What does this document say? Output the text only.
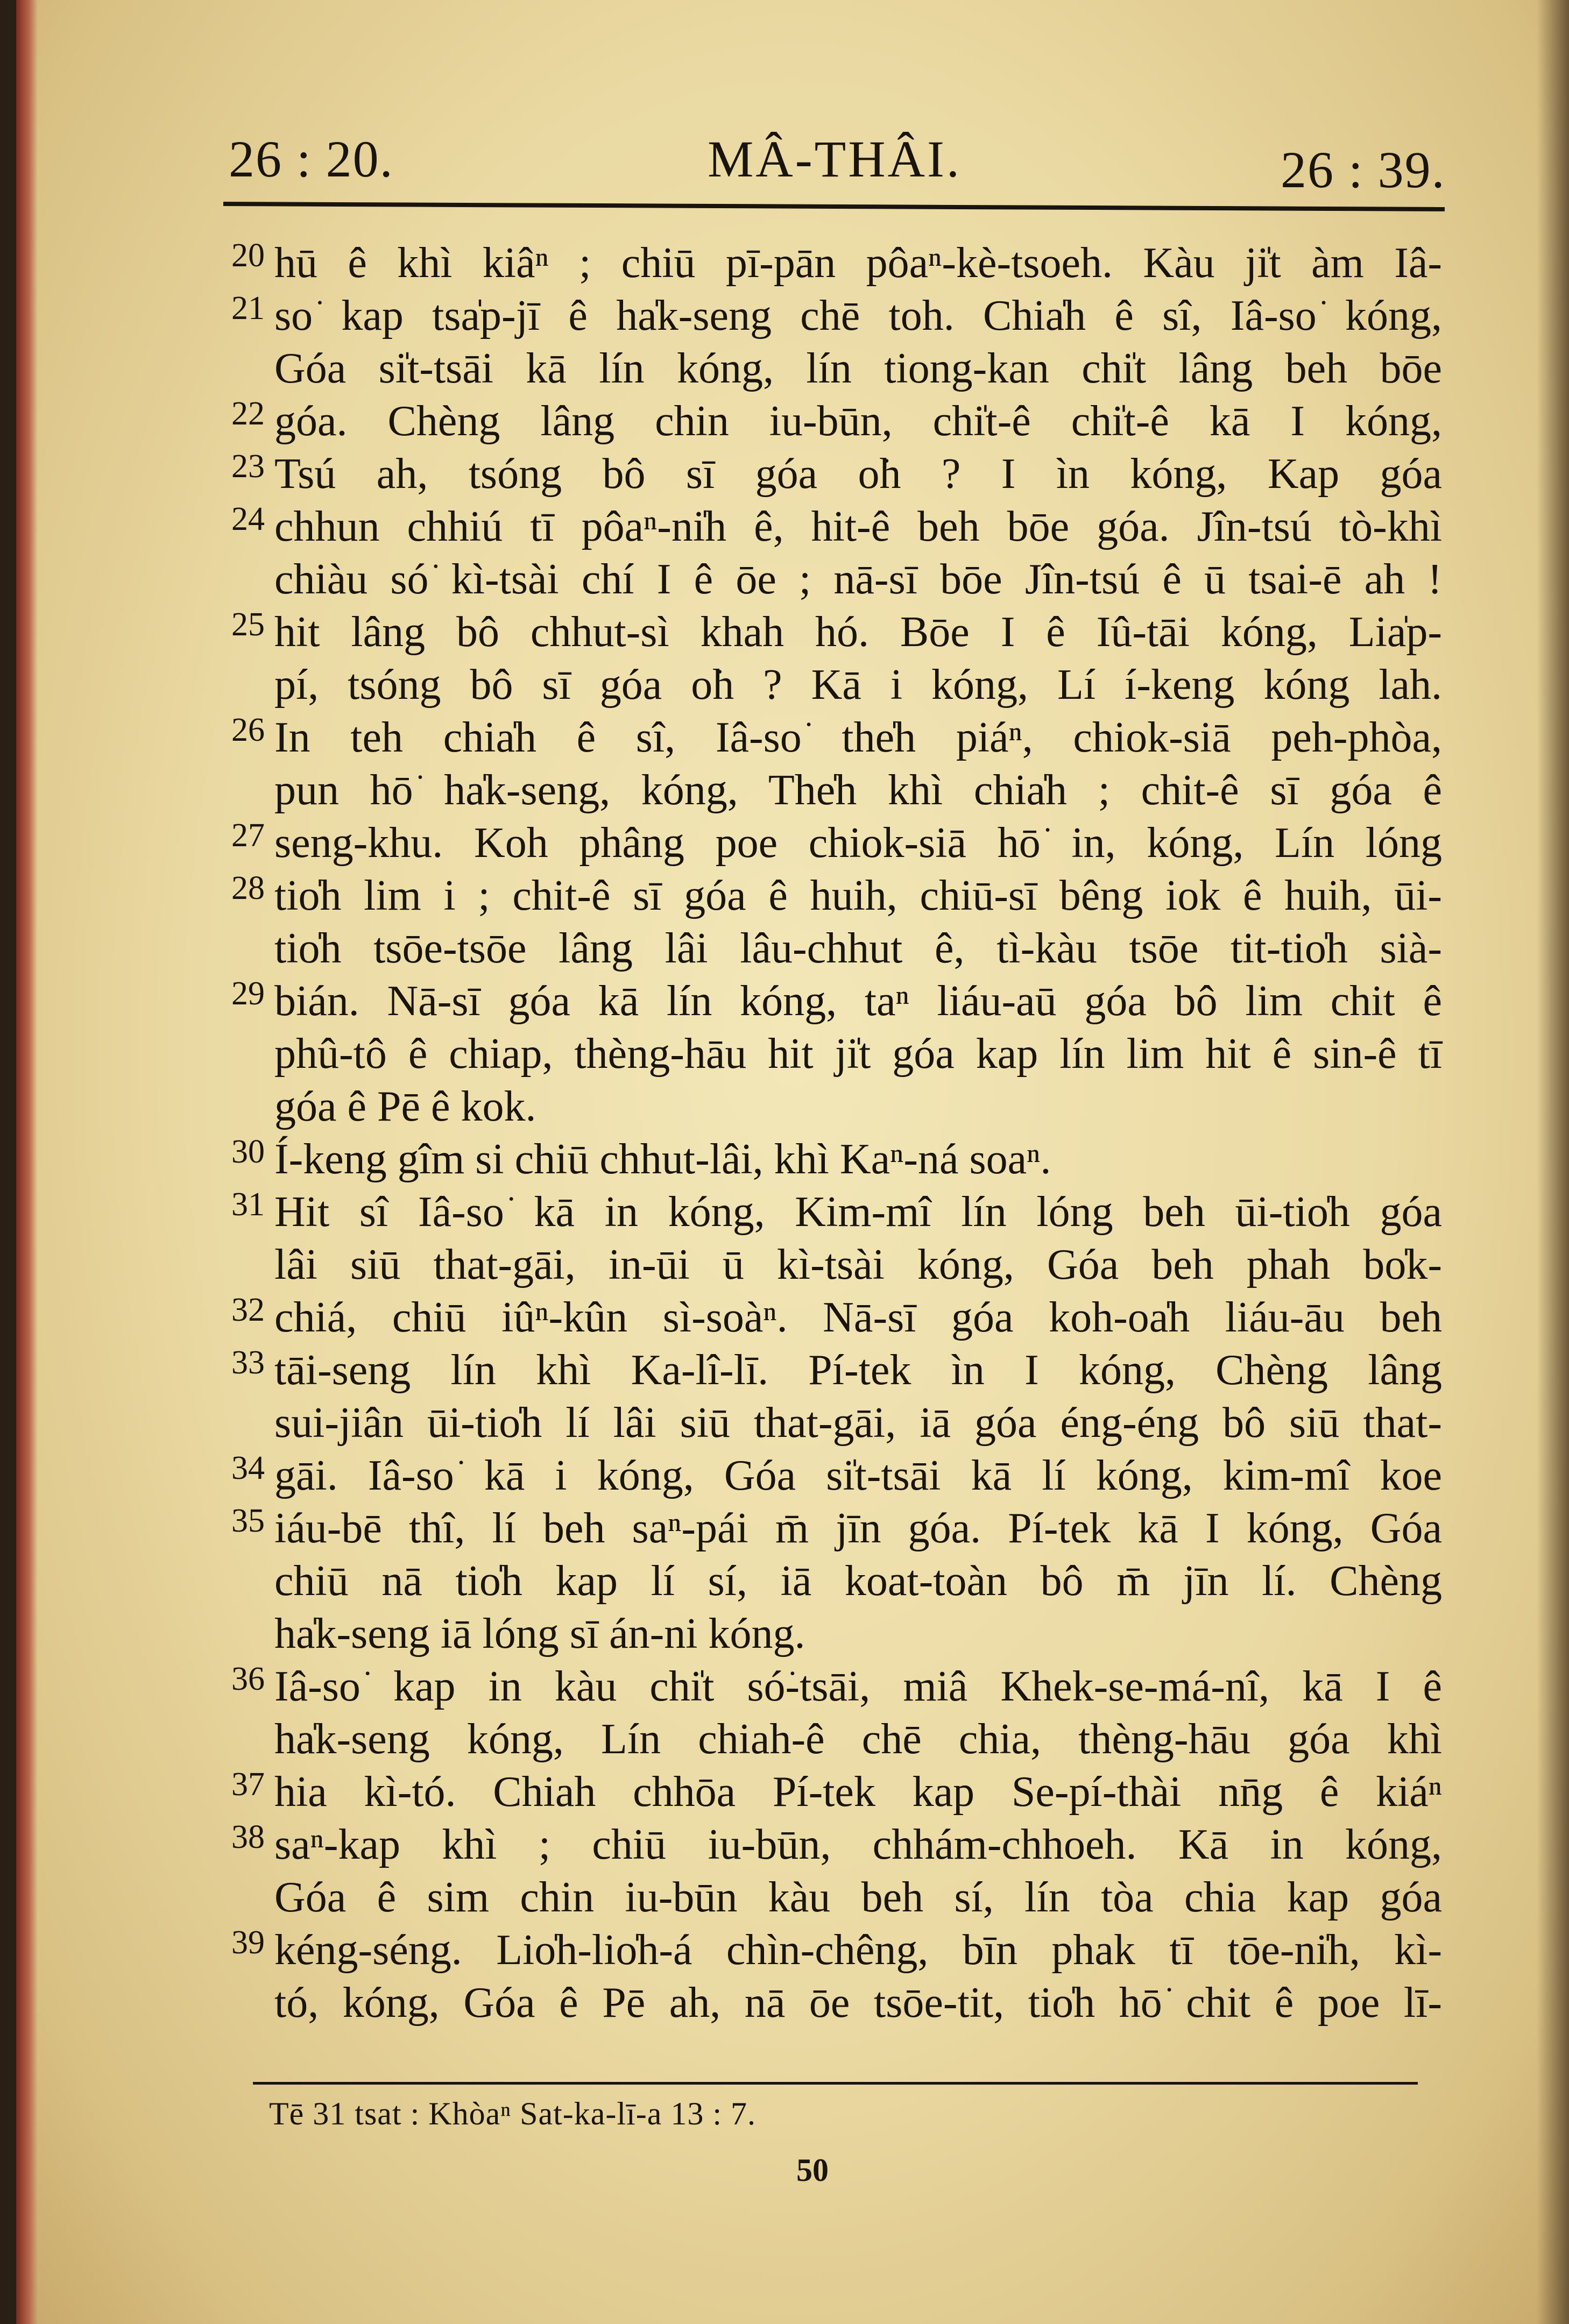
26 : 20.	MÂ-THÂI.	26 : 39.
20 hū ê khì kiâⁿ ; chiū pī-pān pôaⁿ-kè-tsoeh. Kàu ji̍t àm Iâ-
21 so͘ kap tsa̍p-jī ê ha̍k-seng chē toh. Chia̍h ê sî, Iâ-so͘ kóng,
Góa si̍t-tsāi kā lín kóng, lín tiong-kan chi̍t lâng beh bōe
22 góa. Chèng lâng chin iu-būn, chi̍t-ê chi̍t-ê kā I kóng,
23 Tsú ah, tsóng bô sī góa o͘h ? I ìn kóng, Kap góa
24 chhun chhiú tī pôaⁿ-ni̍h ê, hit-ê beh bōe góa. Jîn-tsú tò-khì
chiàu só͘ kì-tsài chí I ê ōe ; nā-sī bōe Jîn-tsú ê ū tsai-ē ah !
25 hit lâng bô chhut-sì khah hó. Bōe I ê Iû-tāi kóng, Lia̍p-
pí, tsóng bô sī góa o͘h ? Kā i kóng, Lí í-keng kóng lah.
26 In teh chia̍h ê sî, Iâ-so͘ the̍h piáⁿ, chiok-siā peh-phòa,
pun hō͘ ha̍k-seng, kóng, The̍h khì chia̍h ; chit-ê sī góa ê
27 seng-khu. Koh phâng poe chiok-siā hō͘ in, kóng, Lín lóng
28 tio̍h lim i ; chit-ê sī góa ê huih, chiū-sī bêng iok ê huih, ūi-
tio̍h tsōe-tsōe lâng lâi lâu-chhut ê, tì-kàu tsōe tit-tio̍h sià-
29 bián. Nā-sī góa kā lín kóng, taⁿ liáu-aū góa bô lim chit ê
phû-tô ê chiap, thèng-hāu hit ji̍t góa kap lín lim hit ê sin-ê tī
góa ê Pē ê kok.
30 Í-keng gîm si chiū chhut-lâi, khì Kaⁿ-ná soaⁿ.
31 Hit sî Iâ-so͘ kā in kóng, Kim-mî lín lóng beh ūi-tio̍h góa
lâi siū that-gāi, in-ūi ū kì-tsài kóng, Góa beh phah bo̍k-
32 chiá, chiū iûⁿ-kûn sì-soàⁿ. Nā-sī góa koh-oa̍h liáu-āu beh
33 tāi-seng lín khì Ka-lî-lī. Pí-tek ìn I kóng, Chèng lâng
sui-jiân ūi-tio̍h lí lâi siū that-gāi, iā góa éng-éng bô siū that-
34 gāi. Iâ-so͘ kā i kóng, Góa si̍t-tsāi kā lí kóng, kim-mî koe
35 iáu-bē thî, lí beh saⁿ-pái m̄ jīn góa. Pí-tek kā I kóng, Góa
chiū nā tio̍h kap lí sí, iā koat-toàn bô m̄ jīn lí. Chèng
ha̍k-seng iā lóng sī án-ni kóng.
36 Iâ-so͘ kap in kàu chi̍t só͘-tsāi, miâ Khek-se-má-nî, kā I ê
ha̍k-seng kóng, Lín chiah-ê chē chia, thèng-hāu góa khì
37 hia kì-tó. Chiah chhōa Pí-tek kap Se-pí-thài nn̄g ê kiáⁿ
38 saⁿ-kap khì ; chiū iu-būn, chhám-chhoeh. Kā in kóng,
Góa ê sim chin iu-būn kàu beh sí, lín tòa chia kap góa
39 kéng-séng. Lio̍h-lio̍h-á chìn-chêng, bīn phak tī tōe-ni̍h, kì-
tó, kóng, Góa ê Pē ah, nā ōe tsōe-tit, tio̍h hō͘ chit ê poe lī-
Tē 31 tsat : Khòaⁿ Sat-ka-lī-a 13 : 7.
50
